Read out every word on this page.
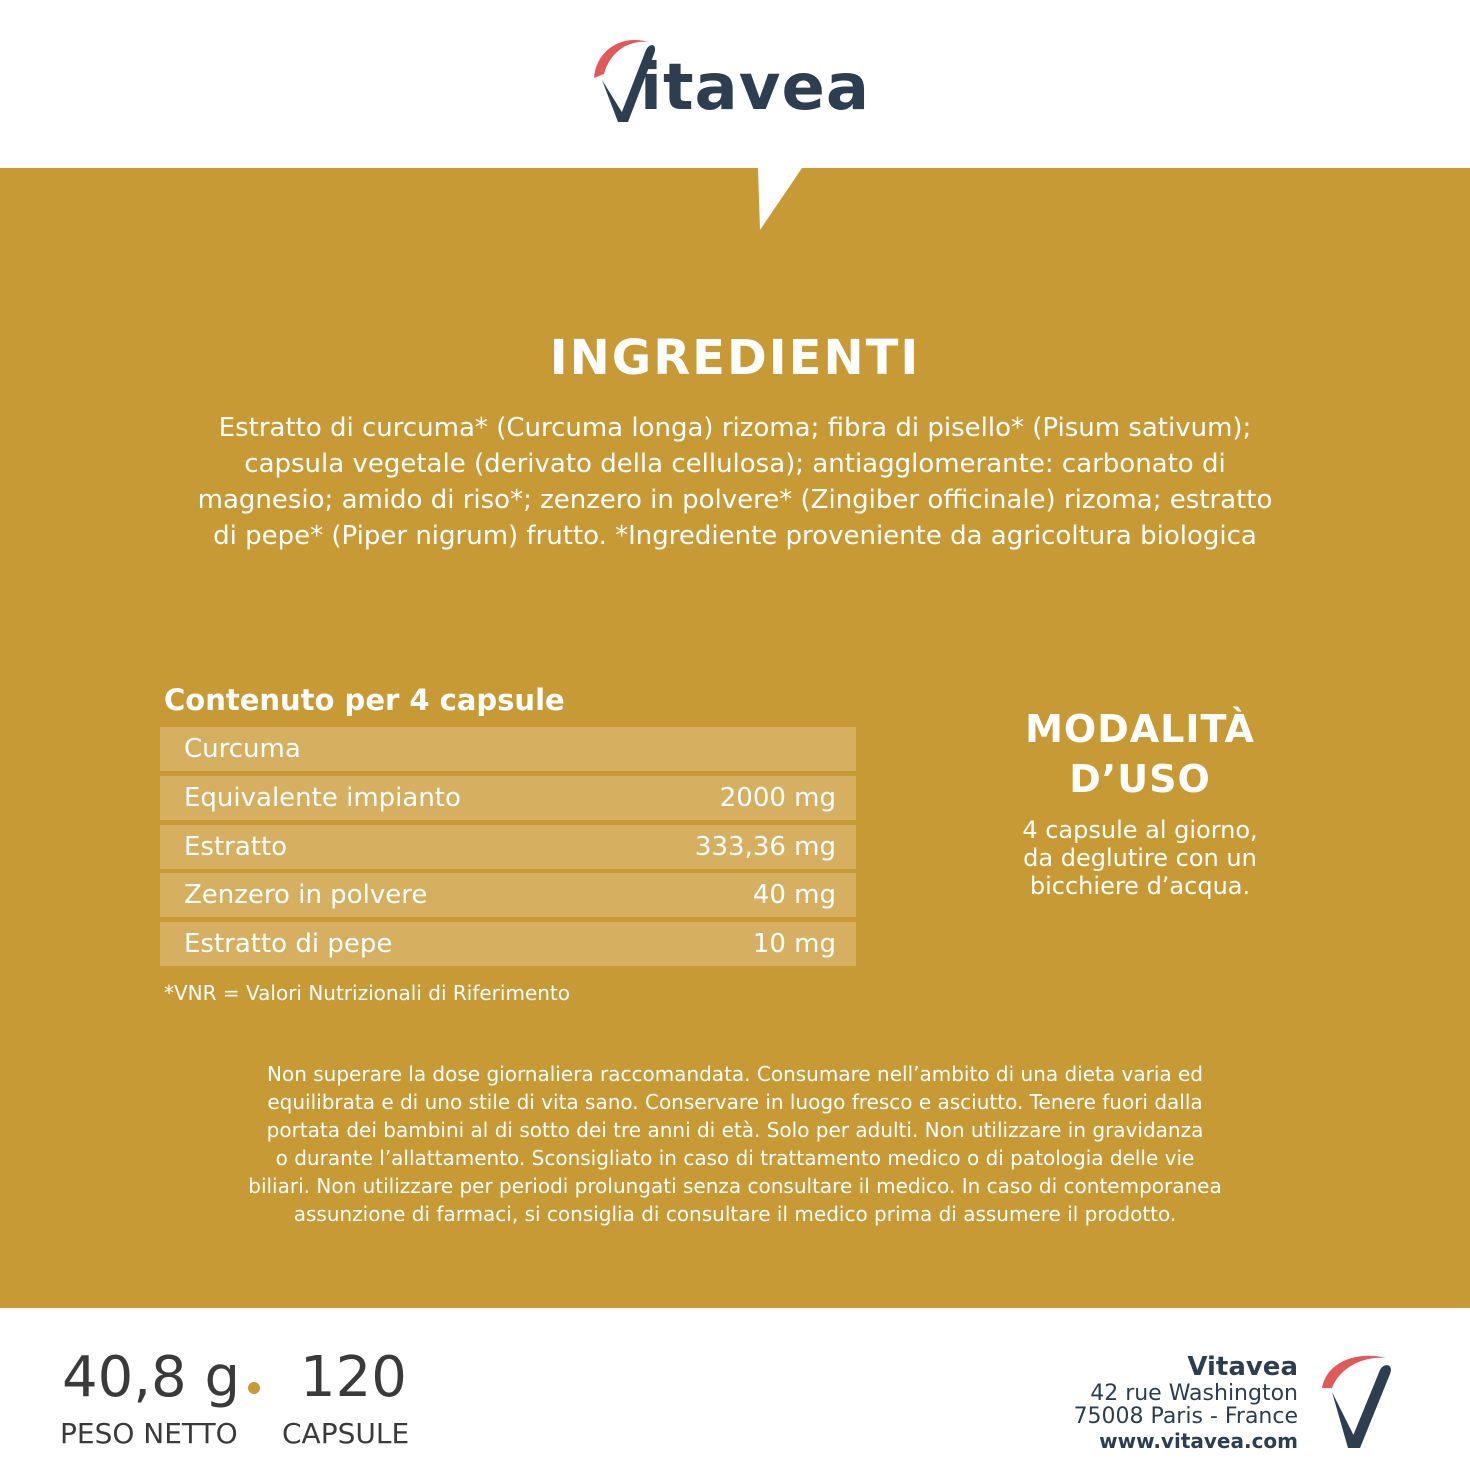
itavea
INGREDIENTI
Estratto di curcuma* (Curcuma longa) rizoma; fibra di pisello* (Pisum sativum);
capsula vegetale (derivato della cellulosa); antiagglomerante: carbonato di
magnesio; amido di riso*; zenzero in polvere* (Zingiber officinale) rizoma; estratto
di pepe* (Piper nigrum) frutto. *Ingrediente proveniente da agricoltura biologica
Contenuto per 4 capsule
Curcuma
Equivalente impianto	2000 mg
Estratto	333,36 mg
Zenzero in polvere	40 mg
Estratto di pepe	10 mg
*VNR = Valori Nutrizionali di Riferimento
MODALITÀ
D’USO
4 capsule al giorno,
da deglutire con un
bicchiere d’acqua.
Non superare la dose giornaliera raccomandata. Consumare nell’ambito di una dieta varia ed
equilibrata e di uno stile di vita sano. Conservare in luogo fresco e asciutto. Tenere fuori dalla
portata dei bambini al di sotto dei tre anni di età. Solo per adulti. Non utilizzare in gravidanza
o durante l’allattamento. Sconsigliato in caso di trattamento medico o di patologia delle vie
biliari. Non utilizzare per periodi prolungati senza consultare il medico. In caso di contemporanea
assunzione di farmaci, si consiglia di consultare il medico prima di assumere il prodotto.
40,8 g 120
PESO NETTO CAPSULE
Vitavea
42 rue Washington
75008 Paris - France
www.vitavea.com
